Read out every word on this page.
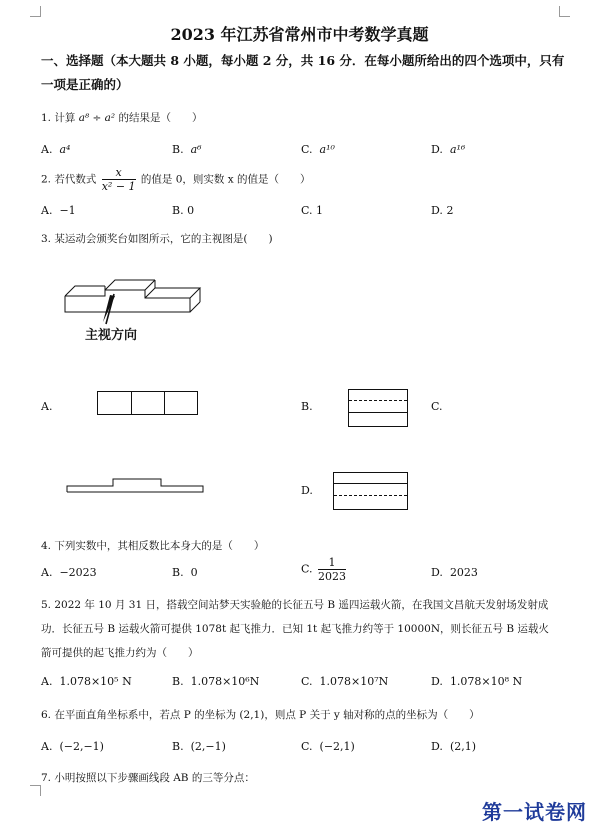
2023 年江苏省常州市中考数学真题
一、选择题（本大题共 8 小题，每小题 2 分，共 16 分．在每小题所给出的四个选项中，只有
一项是正确的）
1. 计算 a⁸ ÷ a² 的结果是（　　）
A. a⁴	B. a⁶	C. a¹⁰	D. a¹⁶
2. 若代数式 $\frac{x}{\text{x² − 1}}$ 的值是 0，则实数 x 的值是（　　）
A. −1	B. 0	C. 1	D. 2
3. 某运动会颁奖台如图所示，它的主视图是(　　)
主视方向
A.	B.	C.
D.
4. 下列实数中，其相反数比本身大的是（　　）
A. −2023	B. 0	C. $\frac{1}{2023}$	D. 2023
5. 2022 年 10 月 31 日，搭载空间站梦天实验舱的长征五号 B 遥四运载火箭，在我国文昌航天发射场发射成
功．长征五号 B 运载火箭可提供 1078t 起飞推力．已知 1t 起飞推力约等于 10000N，则长征五号 B 运载火
箭可提供的起飞推力约为（　　）
A. 1.078×10⁵ N	B. 1.078×10⁶N	C. 1.078×10⁷N	D. 1.078×10⁸ N
6. 在平面直角坐标系中，若点 P 的坐标为 (2,1)，则点 P 关于 y 轴对称的点的坐标为（　　）
A. (−2,−1)	B. (2,−1)	C. (−2,1)	D. (2,1)
7. 小明按照以下步骤画线段 AB 的三等分点：
第一试卷网
